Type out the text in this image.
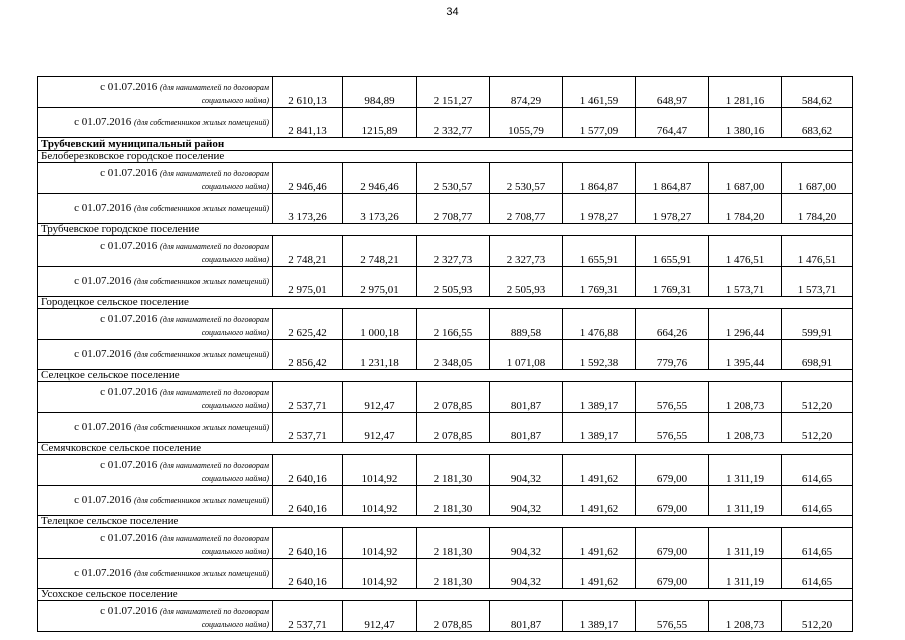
34
с 01.07.2016 (для нанимателей по договорам
социального найма)	2 610,13	984,89	2 151,27	874,29	1 461,59	648,97	1 281,16	584,62
с 01.07.2016 (для собственников жилых помещений)	2 841,13	1215,89	2 332,77	1055,79	1 577,09	764,47	1 380,16	683,62
Трубчевский муниципальный район								
Белоберезковское городское поселение								

с 01.07.2016 (для нанимателей по договорам
социального найма)	2 946,46	2 946,46	2 530,57	2 530,57	1 864,87	1 864,87	1 687,00	1 687,00
с 01.07.2016 (для собственников жилых помещений)	3 173,26	3 173,26	2 708,77	2 708,77	1 978,27	1 978,27	1 784,20	1 784,20
Трубчевское городское поселение								

с 01.07.2016 (для нанимателей по договорам
социального найма)	2 748,21	2 748,21	2 327,73	2 327,73	1 655,91	1 655,91	1 476,51	1 476,51
с 01.07.2016 (для собственников жилых помещений)	2 975,01	2 975,01	2 505,93	2 505,93	1 769,31	1 769,31	1 573,71	1 573,71
Городецкое сельское поселение								

с 01.07.2016 (для нанимателей по договорам
социального найма)	2 625,42	1 000,18	2 166,55	889,58	1 476,88	664,26	1 296,44	599,91
с 01.07.2016 (для собственников жилых помещений)	2 856,42	1 231,18	2 348,05	1 071,08	1 592,38	779,76	1 395,44	698,91
Селецкое сельское поселение								

с 01.07.2016 (для нанимателей по договорам
социального найма)	2 537,71	912,47	2 078,85	801,87	1 389,17	576,55	1 208,73	512,20
с 01.07.2016 (для собственников жилых помещений)	2 537,71	912,47	2 078,85	801,87	1 389,17	576,55	1 208,73	512,20
Семячковское сельское поселение								

с 01.07.2016 (для нанимателей по договорам
социального найма)	2 640,16	1014,92	2 181,30	904,32	1 491,62	679,00	1 311,19	614,65
с 01.07.2016 (для собственников жилых помещений)	2 640,16	1014,92	2 181,30	904,32	1 491,62	679,00	1 311,19	614,65
Телецкое сельское поселение								

с 01.07.2016 (для нанимателей по договорам
социального найма)	2 640,16	1014,92	2 181,30	904,32	1 491,62	679,00	1 311,19	614,65
с 01.07.2016 (для собственников жилых помещений)	2 640,16	1014,92	2 181,30	904,32	1 491,62	679,00	1 311,19	614,65
Усохское сельское поселение								

с 01.07.2016 (для нанимателей по договорам
социального найма)	2 537,71	912,47	2 078,85	801,87	1 389,17	576,55	1 208,73	512,20
